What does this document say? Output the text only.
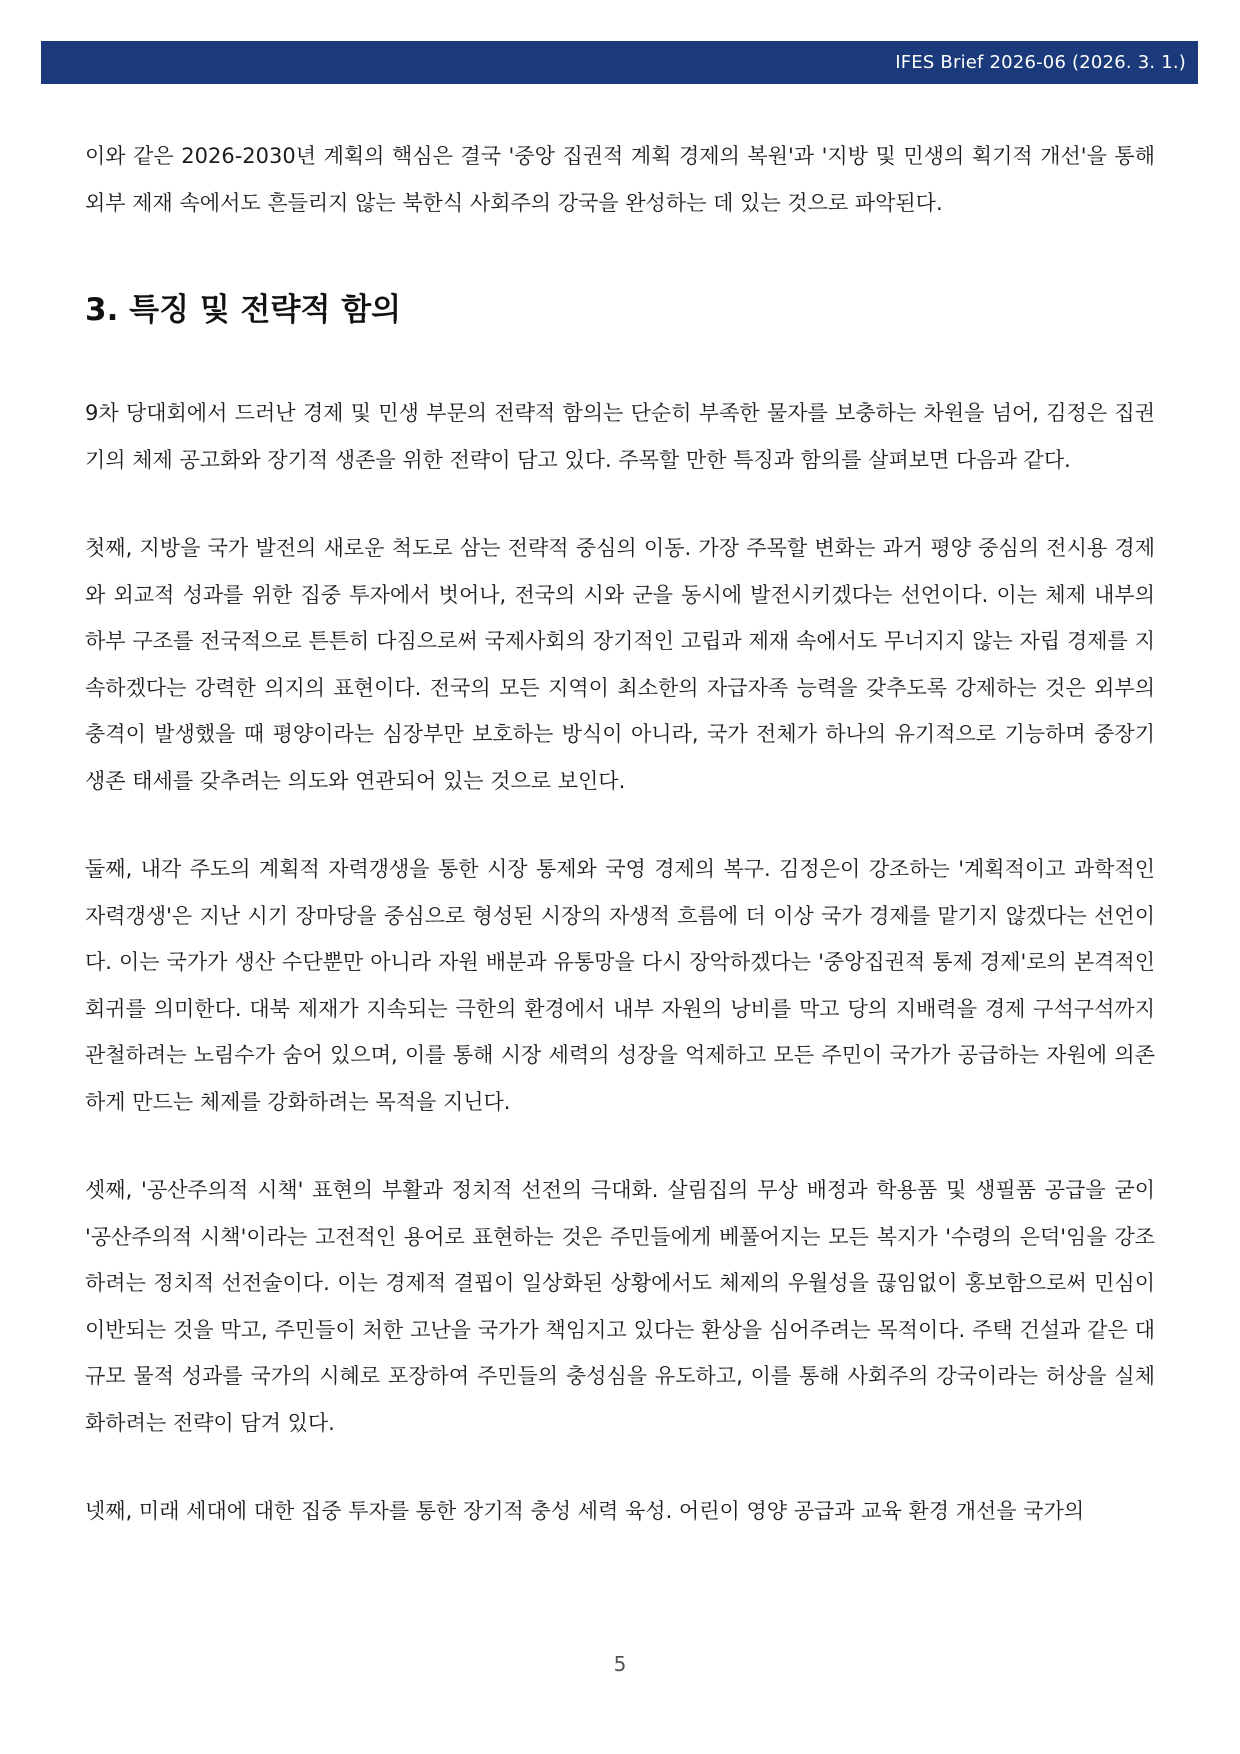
IFES Brief 2026-06 (2026. 3. 1.)

이와 같은 2026-2030년 계획의 핵심은 결국 '중앙 집권적 계획 경제의 복원'과 '지방 및 민생의 획기적 개선'을 통해 외부 제재 속에서도 흔들리지 않는 북한식 사회주의 강국을 완성하는 데 있는 것으로 파악된다.

3. 특징 및 전략적 함의

9차 당대회에서 드러난 경제 및 민생 부문의 전략적 함의는 단순히 부족한 물자를 보충하는 차원을 넘어, 김정은 집권기의 체제 공고화와 장기적 생존을 위한 전략이 담고 있다. 주목할 만한 특징과 함의를 살펴보면 다음과 같다.

첫째, 지방을 국가 발전의 새로운 척도로 삼는 전략적 중심의 이동. 가장 주목할 변화는 과거 평양 중심의 전시용 경제와 외교적 성과를 위한 집중 투자에서 벗어나, 전국의 시와 군을 동시에 발전시키겠다는 선언이다. 이는 체제 내부의 하부 구조를 전국적으로 튼튼히 다짐으로써 국제사회의 장기적인 고립과 제재 속에서도 무너지지 않는 자립 경제를 지속하겠다는 강력한 의지의 표현이다. 전국의 모든 지역이 최소한의 자급자족 능력을 갖추도록 강제하는 것은 외부의 충격이 발생했을 때 평양이라는 심장부만 보호하는 방식이 아니라, 국가 전체가 하나의 유기적으로 기능하며 중장기 생존 태세를 갖추려는 의도와 연관되어 있는 것으로 보인다.

둘째, 내각 주도의 계획적 자력갱생을 통한 시장 통제와 국영 경제의 복구. 김정은이 강조하는 '계획적이고 과학적인 자력갱생'은 지난 시기 장마당을 중심으로 형성된 시장의 자생적 흐름에 더 이상 국가 경제를 맡기지 않겠다는 선언이다. 이는 국가가 생산 수단뿐만 아니라 자원 배분과 유통망을 다시 장악하겠다는 '중앙집권적 통제 경제'로의 본격적인 회귀를 의미한다. 대북 제재가 지속되는 극한의 환경에서 내부 자원의 낭비를 막고 당의 지배력을 경제 구석구석까지 관철하려는 노림수가 숨어 있으며, 이를 통해 시장 세력의 성장을 억제하고 모든 주민이 국가가 공급하는 자원에 의존하게 만드는 체제를 강화하려는 목적을 지닌다.

셋째, '공산주의적 시책' 표현의 부활과 정치적 선전의 극대화. 살림집의 무상 배정과 학용품 및 생필품 공급을 굳이 '공산주의적 시책'이라는 고전적인 용어로 표현하는 것은 주민들에게 베풀어지는 모든 복지가 '수령의 은덕'임을 강조하려는 정치적 선전술이다. 이는 경제적 결핍이 일상화된 상황에서도 체제의 우월성을 끊임없이 홍보함으로써 민심이 이반되는 것을 막고, 주민들이 처한 고난을 국가가 책임지고 있다는 환상을 심어주려는 목적이다. 주택 건설과 같은 대규모 물적 성과를 국가의 시혜로 포장하여 주민들의 충성심을 유도하고, 이를 통해 사회주의 강국이라는 허상을 실체화하려는 전략이 담겨 있다.

넷째, 미래 세대에 대한 집중 투자를 통한 장기적 충성 세력 육성. 어린이 영양 공급과 교육 환경 개선을 국가의

5
